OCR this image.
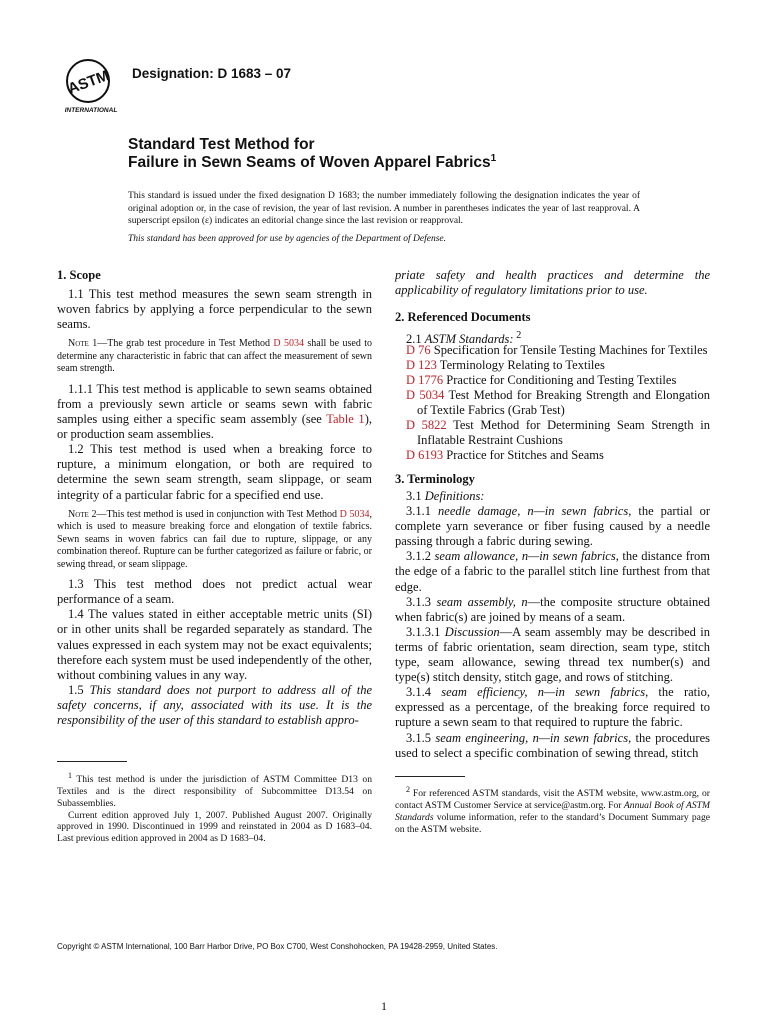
ASTM
INTERNATIONAL
Designation: D 1683 – 07
Standard Test Method for
Failure in Sewn Seams of Woven Apparel Fabrics$^1$
This standard is issued under the fixed designation D 1683; the number immediately following the designation indicates the year of original adoption or, in the case of revision, the year of last revision. A number in parentheses indicates the year of last reapproval. A superscript epsilon (ε) indicates an editorial change since the last revision or reapproval.
This standard has been approved for use by agencies of the Department of Defense.
1. Scope
1.1 This test method measures the sewn seam strength in woven fabrics by applying a force perpendicular to the sewn seams.
Note 1—The grab test procedure in Test Method D 5034 shall be used to determine any characteristic in fabric that can affect the measurement of sewn seam strength.
1.1.1 This test method is applicable to sewn seams obtained from a previously sewn article or seams sewn with fabric samples using either a specific seam assembly (see Table 1), or production seam assemblies.
1.2 This test method is used when a breaking force to rupture, a minimum elongation, or both are required to determine the sewn seam strength, seam slippage, or seam integrity of a particular fabric for a specified end use.
Note 2—This test method is used in conjunction with Test Method D 5034, which is used to measure breaking force and elongation of textile fabrics. Sewn seams in woven fabrics can fail due to rupture, slippage, or any combination thereof. Rupture can be further categorized as failure or fabric, or sewing thread, or seam slippage.
1.3 This test method does not predict actual wear performance of a seam.
1.4 The values stated in either acceptable metric units (SI) or in other units shall be regarded separately as standard. The values expressed in each system may not be exact equivalents; therefore each system must be used independently of the other, without combining values in any way.
1.5 This standard does not purport to address all of the safety concerns, if any, associated with its use. It is the responsibility of the user of this standard to establish appro-
$^1$ This test method is under the jurisdiction of ASTM Committee D13 on Textiles and is the direct responsibility of Subcommittee D13.54 on Subassemblies.
Current edition approved July 1, 2007. Published August 2007. Originally approved in 1990. Discontinued in 1999 and reinstated in 2004 as D 1683–04. Last previous edition approved in 2004 as D 1683–04.
priate safety and health practices and determine the applicability of regulatory limitations prior to use.
2. Referenced Documents
2.1 ASTM Standards: $^2$
D 76 Specification for Tensile Testing Machines for Textiles
D 123 Terminology Relating to Textiles
D 1776 Practice for Conditioning and Testing Textiles
D 5034 Test Method for Breaking Strength and Elongation of Textile Fabrics (Grab Test)
D 5822 Test Method for Determining Seam Strength in Inflatable Restraint Cushions
D 6193 Practice for Stitches and Seams
3. Terminology
3.1 Definitions:
3.1.1 needle damage, n—in sewn fabrics, the partial or complete yarn severance or fiber fusing caused by a needle passing through a fabric during sewing.
3.1.2 seam allowance, n—in sewn fabrics, the distance from the edge of a fabric to the parallel stitch line furthest from that edge.
3.1.3 seam assembly, n—the composite structure obtained when fabric(s) are joined by means of a seam.
3.1.3.1 Discussion—A seam assembly may be described in terms of fabric orientation, seam direction, seam type, stitch type, seam allowance, sewing thread tex number(s) and type(s) stitch density, stitch gage, and rows of stitching.
3.1.4 seam efficiency, n—in sewn fabrics, the ratio, expressed as a percentage, of the breaking force required to rupture a sewn seam to that required to rupture the fabric.
3.1.5 seam engineering, n—in sewn fabrics, the procedures used to select a specific combination of sewing thread, stitch
$^2$ For referenced ASTM standards, visit the ASTM website, www.astm.org, or contact ASTM Customer Service at service@astm.org. For Annual Book of ASTM Standards volume information, refer to the standard’s Document Summary page on the ASTM website.
Copyright © ASTM International, 100 Barr Harbor Drive, PO Box C700, West Conshohocken, PA 19428-2959, United States.
1
